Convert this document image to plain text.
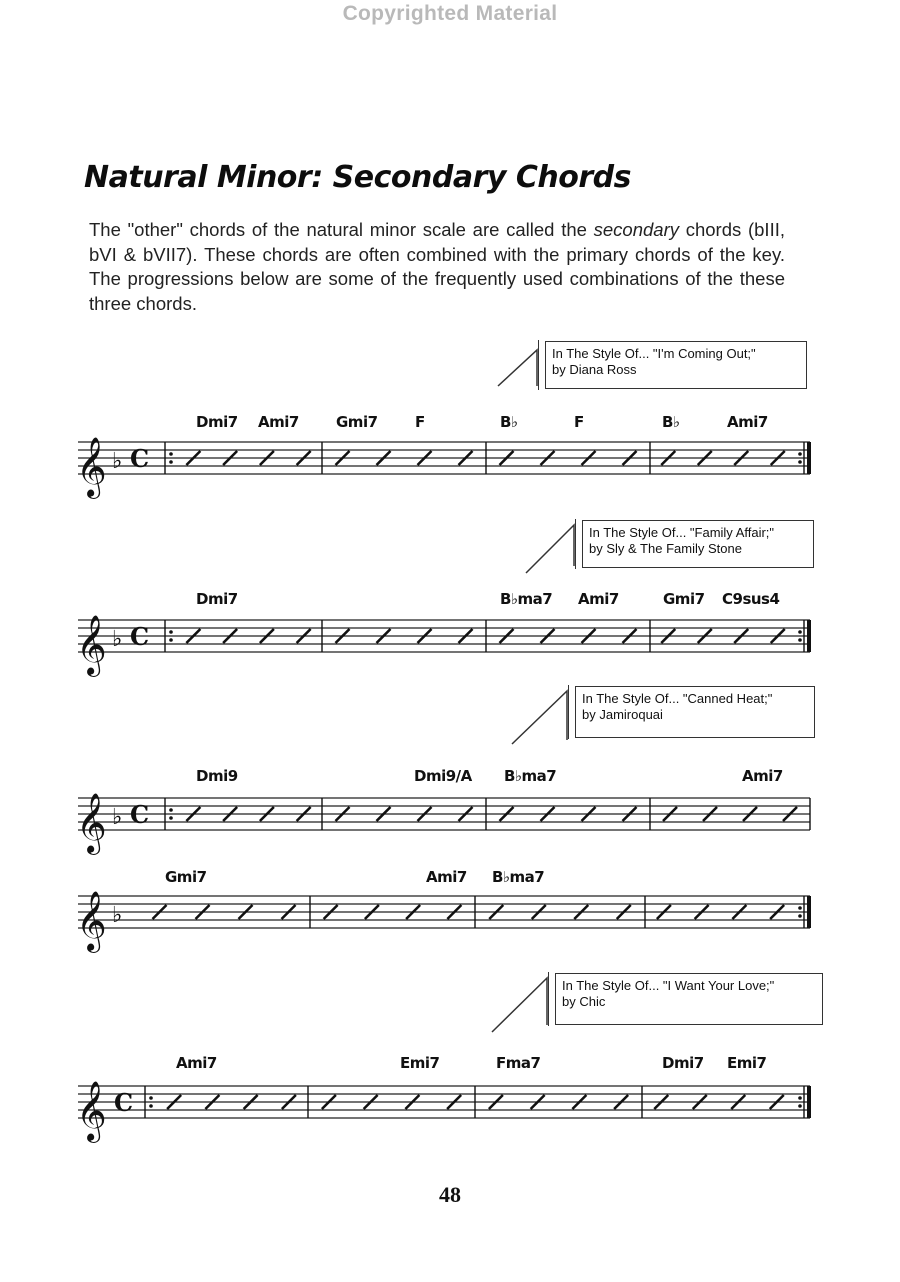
Copyrighted Material
Natural Minor: Secondary Chords

The "other" chords of the natural minor scale are called the secondary chords (bIII, bVI & bVII7). These chords are often combined with the primary chords of the key. The progressions below are some of the frequently used combinations of the these three chords.

In The Style Of... "I'm Coming Out;"
by Diana Ross
In The Style Of... "Family Affair;"
by Sly & The Family Stone
In The Style Of... "Canned Heat;"
by Jamiroquai
In The Style Of... "I Want Your Love;"
by Chic
𝄞 ♭ C
Dmi7 Ami7 Gmi7 F	B♭	F	B♭	Ami7
𝄞 ♭ C
Dmi7	B♭ma7 Ami7	Gmi7 C9sus4
𝄞 ♭ C
Dmi9	Dmi9/A B♭ma7	Ami7
𝄞 ♭
Gmi7	Ami7 B♭ma7
𝄞 C
Ami7	Emi7	Fma7	Dmi7 Emi7
48
